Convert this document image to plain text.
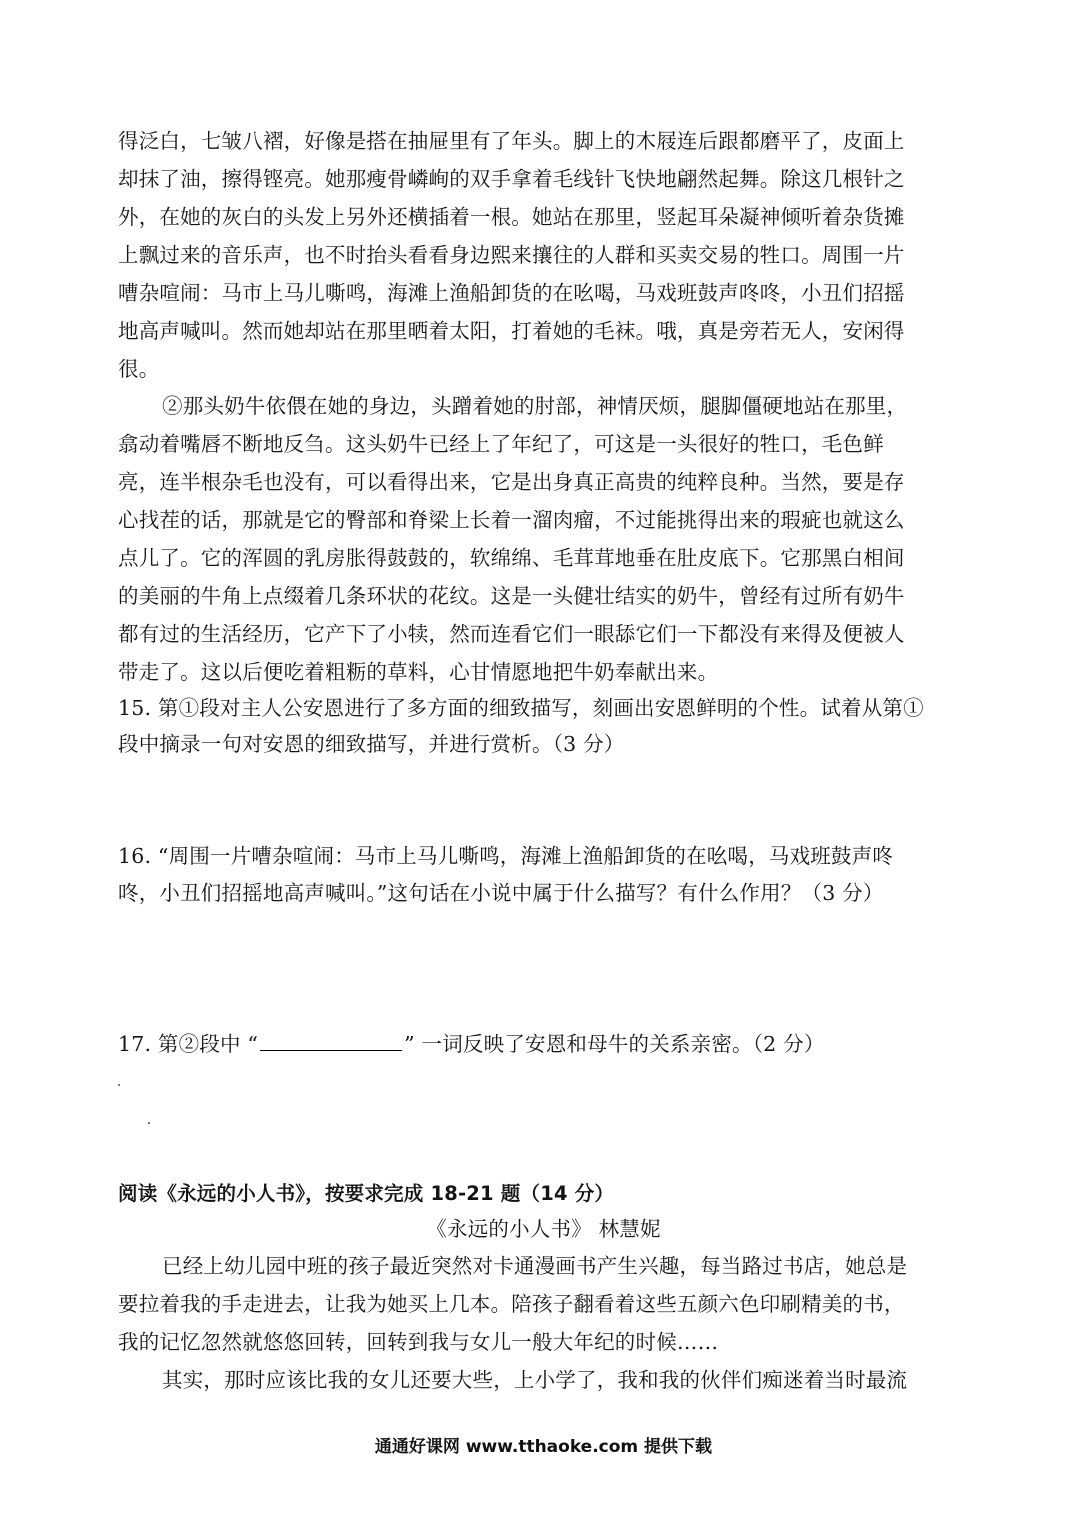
得泛白，七皱八褶，好像是搭在抽屉里有了年头。脚上的木屐连后跟都磨平了，皮面上
却抹了油，擦得铿亮。她那瘦骨嶙峋的双手拿着毛线针飞快地翩然起舞。除这几根针之
外，在她的灰白的头发上另外还横插着一根。她站在那里，竖起耳朵凝神倾听着杂货摊
上飘过来的音乐声，也不时抬头看看身边熙来攘往的人群和买卖交易的牲口。周围一片
嘈杂喧闹：马市上马儿嘶鸣，海滩上渔船卸货的在吆喝，马戏班鼓声咚咚，小丑们招摇
地高声喊叫。然而她却站在那里晒着太阳，打着她的毛袜。哦，真是旁若无人，安闲得
很。
②那头奶牛依偎在她的身边，头蹭着她的肘部，神情厌烦，腿脚僵硬地站在那里，
翕动着嘴唇不断地反刍。这头奶牛已经上了年纪了，可这是一头很好的牲口，毛色鲜
亮，连半根杂毛也没有，可以看得出来，它是出身真正高贵的纯粹良种。当然，要是存
心找茬的话，那就是它的臀部和脊梁上长着一溜肉瘤，不过能挑得出来的瑕疵也就这么
点儿了。它的浑圆的乳房胀得鼓鼓的，软绵绵、毛茸茸地垂在肚皮底下。它那黑白相间
的美丽的牛角上点缀着几条环状的花纹。这是一头健壮结实的奶牛，曾经有过所有奶牛
都有过的生活经历，它产下了小犊，然而连看它们一眼舔它们一下都没有来得及便被人
带走了。这以后便吃着粗粝的草料，心甘情愿地把牛奶奉献出来。
15. 第①段对主人公安恩进行了多方面的细致描写，刻画出安恩鲜明的个性。试着从第①
段中摘录一句对安恩的细致描写，并进行赏析。（3 分）
16. “周围一片嘈杂喧闹：马市上马儿嘶鸣，海滩上渔船卸货的在吆喝，马戏班鼓声咚
咚，小丑们招摇地高声喊叫。”这句话在小说中属于什么描写？有什么作用？（3 分）
17. 第②段中 “	” 一词反映了安恩和母牛的关系亲密。（2 分）
阅读《永远的小人书》，按要求完成 18-21 题（14 分）
《永远的小人书》 林慧妮
已经上幼儿园中班的孩子最近突然对卡通漫画书产生兴趣，每当路过书店，她总是
要拉着我的手走进去，让我为她买上几本。陪孩子翻看着这些五颜六色印刷精美的书，
我的记忆忽然就悠悠回转，回转到我与女儿一般大年纪的时候……
其实，那时应该比我的女儿还要大些，上小学了，我和我的伙伴们痴迷着当时最流
通通好课网 www.tthaoke.com 提供下载
